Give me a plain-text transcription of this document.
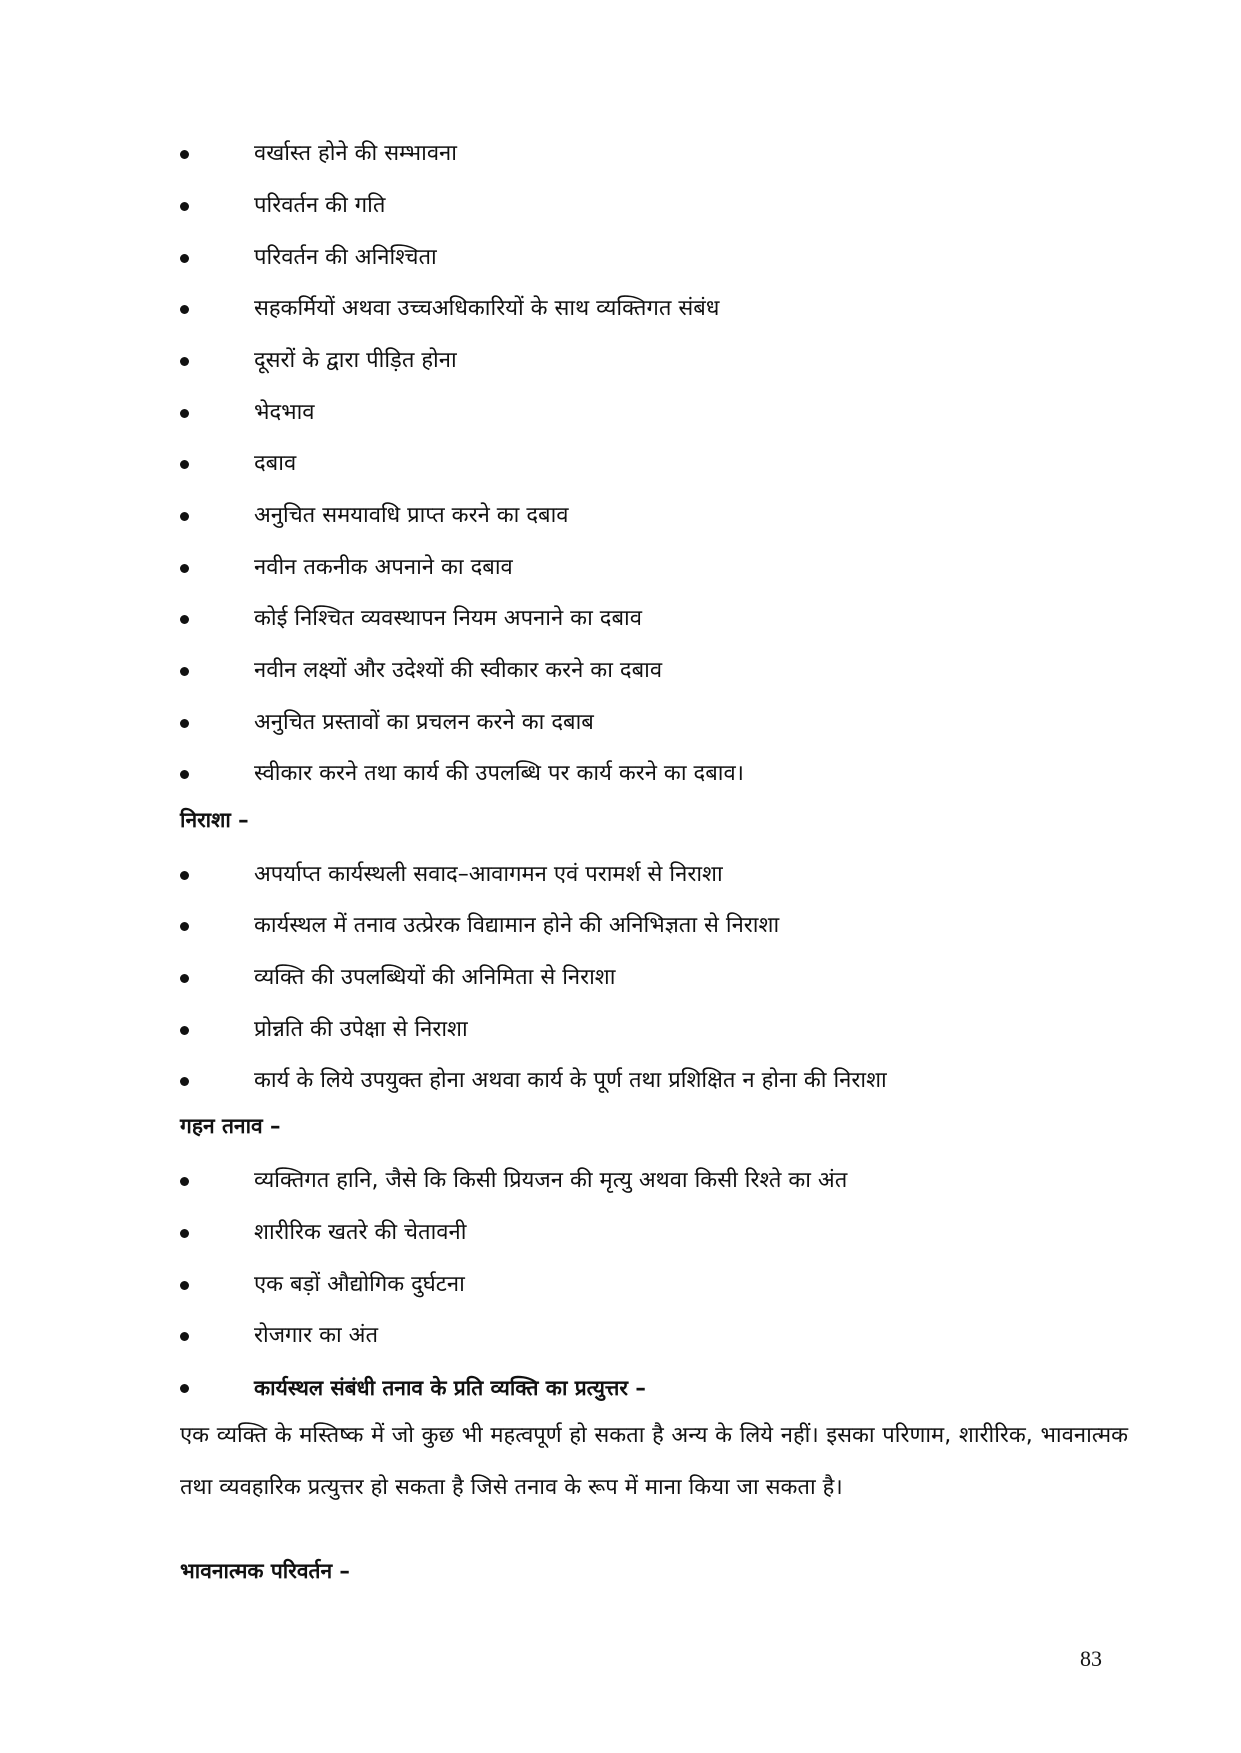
वर्खास्त होने की सम्भावना
परिवर्तन की गति
परिवर्तन की अनिश्चिता
सहकर्मियों अथवा उच्चअधिकारियों के साथ व्यक्तिगत संबंध
दूसरों के द्वारा पीड़ित होना
भेदभाव
दबाव
अनुचित समयावधि प्राप्त करने का दबाव
नवीन तकनीक अपनाने का दबाव
कोई निश्चित व्यवस्थापन नियम अपनाने का दबाव
नवीन लक्ष्यों और उदेश्यों की स्वीकार करने का दबाव
अनुचित प्रस्तावों का प्रचलन करने का दबाब
स्वीकार करने तथा कार्य की उपलब्धि पर कार्य करने का दबाव।
निराशा –
अपर्याप्त कार्यस्थली सवाद–आवागमन एवं परामर्श से निराशा
कार्यस्थल में तनाव उत्प्रेरक विद्यामान होने की अनिभिज्ञता से निराशा
व्यक्ति की उपलब्धियों की अनिमिता से निराशा
प्रोन्नति की उपेक्षा से निराशा
कार्य के लिये उपयुक्त होना अथवा कार्य के पूर्ण तथा प्रशिक्षित न होना की निराशा
गहन तनाव –
व्यक्तिगत हानि, जैसे कि किसी प्रियजन की मृत्यु अथवा किसी रिश्ते का अंत
शारीरिक खतरे की चेतावनी
एक बड़ों औद्योगिक दुर्घटना
रोजगार का अंत
कार्यस्थल संबंधी तनाव के प्रति व्यक्ति का प्रत्युत्तर –
एक व्यक्ति के मस्तिष्क में जो कुछ भी महत्वपूर्ण हो सकता है अन्य के लिये नहीं। इसका परिणाम, शारीरिक, भावनात्मक तथा व्यवहारिक प्रत्युत्तर हो सकता है जिसे तनाव के रूप में माना किया जा सकता है।
भावनात्मक परिवर्तन –
83
